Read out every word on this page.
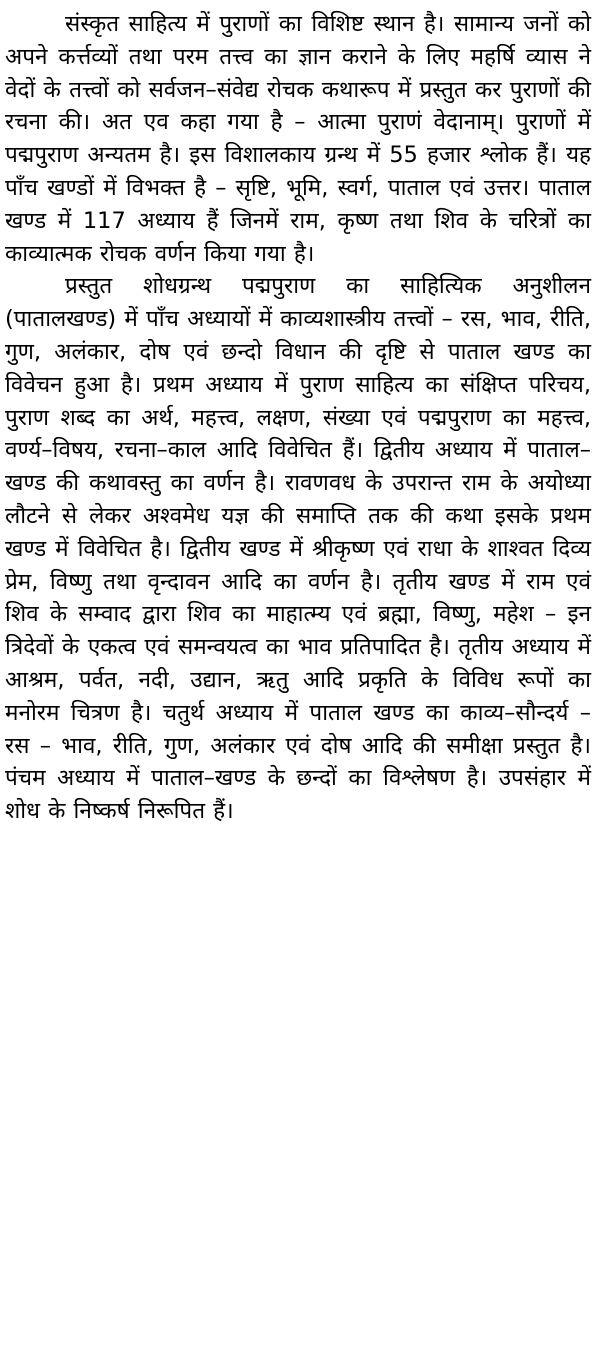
संस्कृत साहित्य में पुराणों का विशिष्ट स्थान है। सामान्य जनों को अपने कर्त्तव्यों तथा परम तत्त्व का ज्ञान कराने के लिए महर्षि व्यास ने वेदों के तत्त्वों को सर्वजन–संवेद्य रोचक कथारूप में प्रस्तुत कर पुराणों की रचना की। अत एव कहा गया है – आत्मा पुराणं वेदानाम्। पुराणों में पद्मपुराण अन्यतम है। इस विशालकाय ग्रन्थ में 55 हजार श्लोक हैं। यह पाँच खण्डों में विभक्त है – सृष्टि, भूमि, स्वर्ग, पाताल एवं उत्तर। पाताल खण्ड में 117 अध्याय हैं जिनमें राम, कृष्ण तथा शिव के चरित्रों का काव्यात्मक रोचक वर्णन किया गया है।

प्रस्तुत शोधग्रन्थ पद्मपुराण का साहित्यिक अनुशीलन (पातालखण्ड) में पाँच अध्यायों में काव्यशास्त्रीय तत्त्वों – रस, भाव, रीति, गुण, अलंकार, दोष एवं छन्दो विधान की दृष्टि से पाताल खण्ड का विवेचन हुआ है। प्रथम अध्याय में पुराण साहित्य का संक्षिप्त परिचय, पुराण शब्द का अर्थ, महत्त्व, लक्षण, संख्या एवं पद्मपुराण का महत्त्व, वर्ण्य–विषय, रचना–काल आदि विवेचित हैं। द्वितीय अध्याय में पाताल–खण्ड की कथावस्तु का वर्णन है। रावणवध के उपरान्त राम के अयोध्या लौटने से लेकर अश्वमेध यज्ञ की समाप्ति तक की कथा इसके प्रथम खण्ड में विवेचित है। द्वितीय खण्ड में श्रीकृष्ण एवं राधा के शाश्वत दिव्य प्रेम, विष्णु तथा वृन्दावन आदि का वर्णन है। तृतीय खण्ड में राम एवं शिव के सम्वाद द्वारा शिव का माहात्म्य एवं ब्रह्मा, विष्णु, महेश – इन त्रिदेवों के एकत्व एवं समन्वयत्व का भाव प्रतिपादित है। तृतीय अध्याय में आश्रम, पर्वत, नदी, उद्यान, ऋतु आदि प्रकृति के विविध रूपों का मनोरम चित्रण है। चतुर्थ अध्याय में पाताल खण्ड का काव्य–सौन्दर्य – रस – भाव, रीति, गुण, अलंकार एवं दोष आदि की समीक्षा प्रस्तुत है। पंचम अध्याय में पाताल–खण्ड के छन्दों का विश्लेषण है। उपसंहार में शोध के निष्कर्ष निरूपित हैं।
